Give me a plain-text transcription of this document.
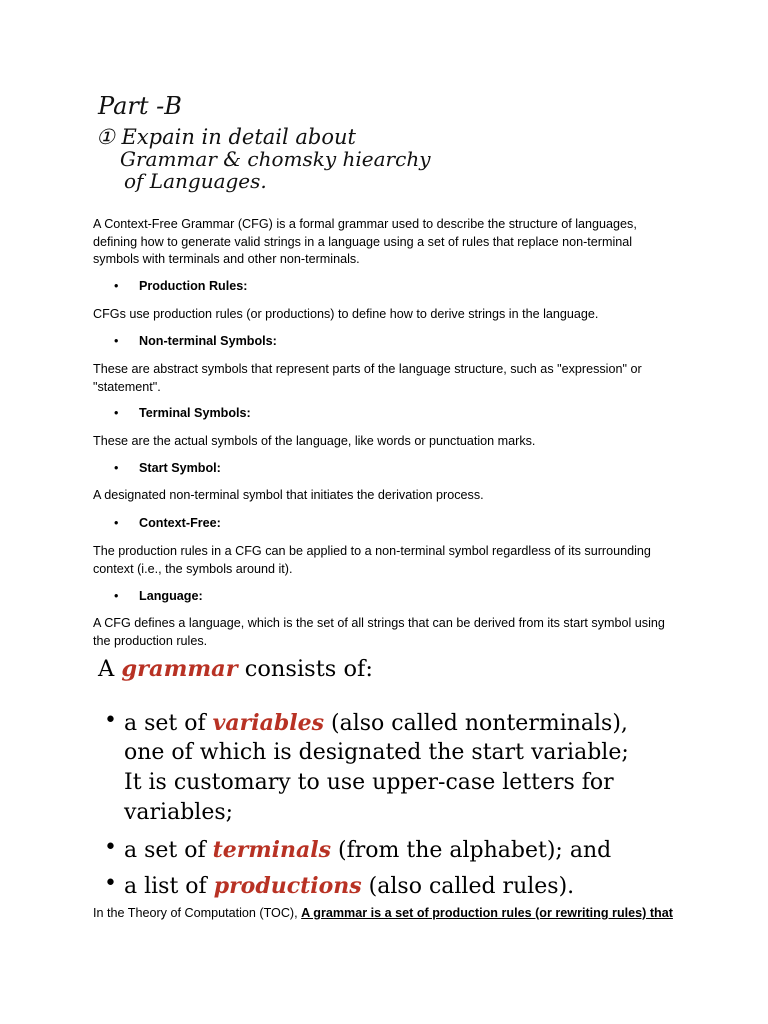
Part -B
① Expain in detail about
Grammar & chomsky hiearchy
of Languages.

A Context-Free Grammar (CFG) is a formal grammar used to describe the structure of languages, defining how to generate valid strings in a language using a set of rules that replace non-terminal symbols with terminals and other non-terminals.

• Production Rules:

CFGs use production rules (or productions) to define how to derive strings in the language.

• Non-terminal Symbols:

These are abstract symbols that represent parts of the language structure, such as "expression" or "statement".

• Terminal Symbols:

These are the actual symbols of the language, like words or punctuation marks.

• Start Symbol:

A designated non-terminal symbol that initiates the derivation process.

• Context-Free:

The production rules in a CFG can be applied to a non-terminal symbol regardless of its surrounding context (i.e., the symbols around it).

• Language:

A CFG defines a language, which is the set of all strings that can be derived from its start symbol using the production rules.

A grammar consists of:
• a set of variables (also called nonterminals),
one of which is designated the start variable;
It is customary to use upper-case letters for
variables;
• a set of terminals (from the alphabet); and
• a list of productions (also called rules).
In the Theory of Computation (TOC), A grammar is a set of production rules (or rewriting rules) that
